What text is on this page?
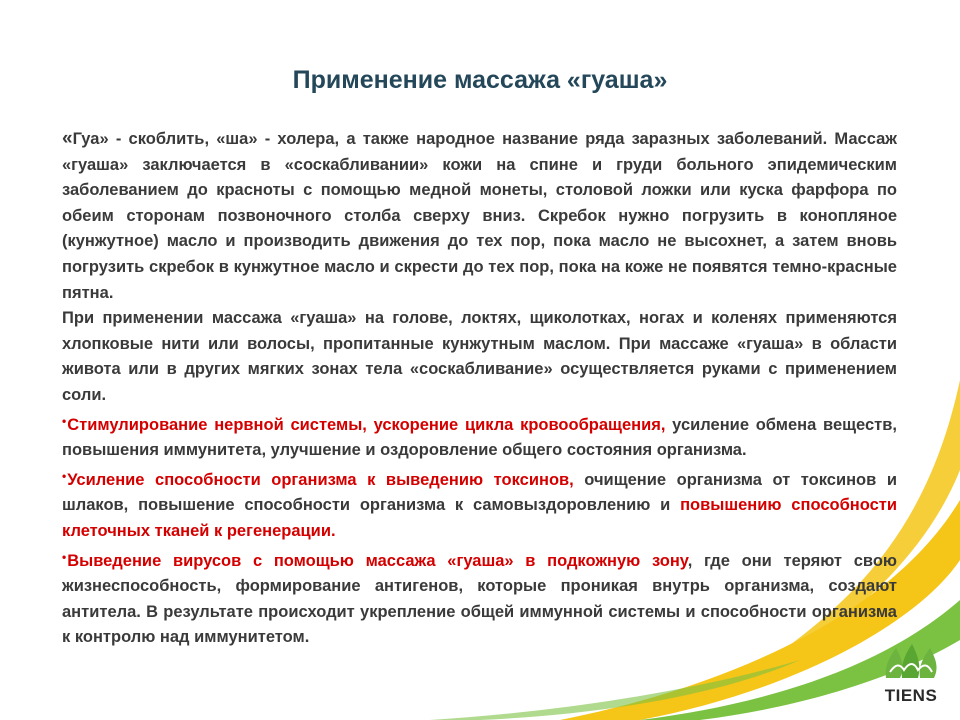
Применение массажа «гуаша»

«Гуа» - скоблить, «ша» - холера, а также народное название ряда заразных заболеваний. Массаж «гуаша» заключается в «соскабливании» кожи на спине и груди больного эпидемическим заболеванием до красноты с помощью медной монеты, столовой ложки или куска фарфора по обеим сторонам позвоночного столба сверху вниз. Скребок нужно погрузить в конопляное (кунжутное) масло и производить движения до тех пор, пока масло не высохнет, а затем вновь погрузить скребок в кунжутное масло и скрести до тех пор, пока на коже не появятся темно-красные пятна.

При применении массажа «гуаша» на голове, локтях, щиколотках, ногах и коленях применяются хлопковые нити или волосы, пропитанные кунжутным маслом. При массаже «гуаша» в области живота или в других мягких зонах тела «соскабливание» осуществляется руками с применением соли.

•Стимулирование нервной системы, ускорение цикла кровообращения, усиление обмена веществ, повышения иммунитета, улучшение и оздоровление общего состояния организма.

•Усиление способности организма к выведению токсинов, очищение организма от токсинов и шлаков, повышение способности организма к самовыздоровлению и повышению способности клеточных тканей к регенерации.

•Выведение вирусов с помощью массажа «гуаша» в подкожную зону, где они теряют свою жизнеспособность, формирование антигенов, которые проникая внутрь организма, создают антитела. В результате происходит укрепление общей иммунной системы и способности организма к контролю над иммунитетом.

TIENS
